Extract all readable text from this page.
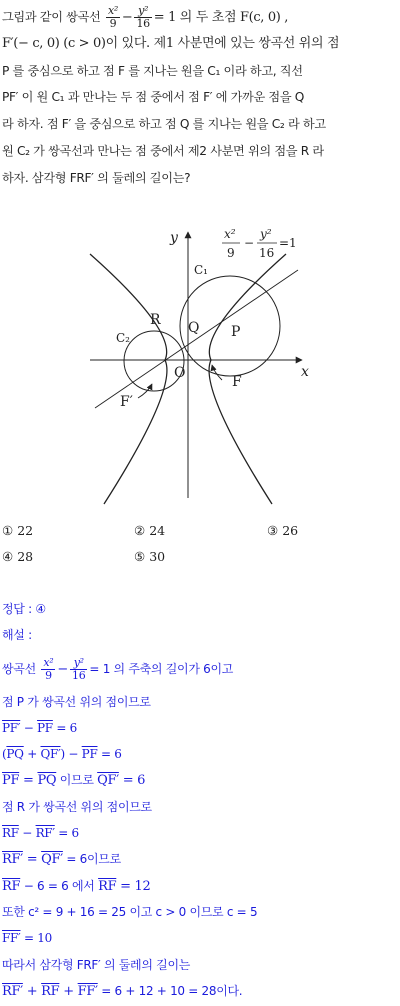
그림과 같이 쌍곡선 $\frac{\text{x²}}{9} - \frac{\text{y²}}{16} = 1$ 의 두 초점 F(c, 0) ,
F′(− c, 0) (c > 0)이 있다. 제1 사분면에 있는 쌍곡선 위의 점
P 를 중심으로 하고 점 F 를 지나는 원을 C₁ 이라 하고, 직선
PF′ 이 원 C₁ 과 만나는 두 점 중에서 점 F′ 에 가까운 점을 Q
라 하자. 점 F′ 을 중심으로 하고 점 Q 를 지나는 원을 C₂ 라 하고
원 C₂ 가 쌍곡선과 만나는 점 중에서 제2 사분면 위의 점을 R 라
하자. 삼각형 FRF′ 의 둘레의 길이는?
x²
9
−
y²
16
=1
y
x
C₁
C₂
R Q P
O
F
F′
① 22	② 24	③ 26
④ 28	⑤ 30
정답 : ④
해설 :
쌍곡선 $\frac{\text{x²}}{9} - \frac{\text{y²}}{16} = 1$ 의 주축의 길이가 6이고
점 P 가 쌍곡선 위의 점이므로
$PF' - \overline{PF} = 6$
$(\overline{PQ} + QF') - \overline{PF} = 6$
$\overline{PF} = \overline{PQ}$ 이므로 QF′ = 6
점 R 가 쌍곡선 위의 점이므로
$\overline{RF} - RF' = 6$
RF′ = QF′ = 6이므로
$\overline{RF} - 6 = 6$ 에서 $\overline{RF} = 12$
또한 c² = 9 + 16 = 25 이고 c > 0 이므로 c = 5
FF′ = 10
따라서 삼각형 FRF′ 의 둘레의 길이는
$RF' + \overline{RF} + FF' = 6 + 12 + 10 = 28$이다.
